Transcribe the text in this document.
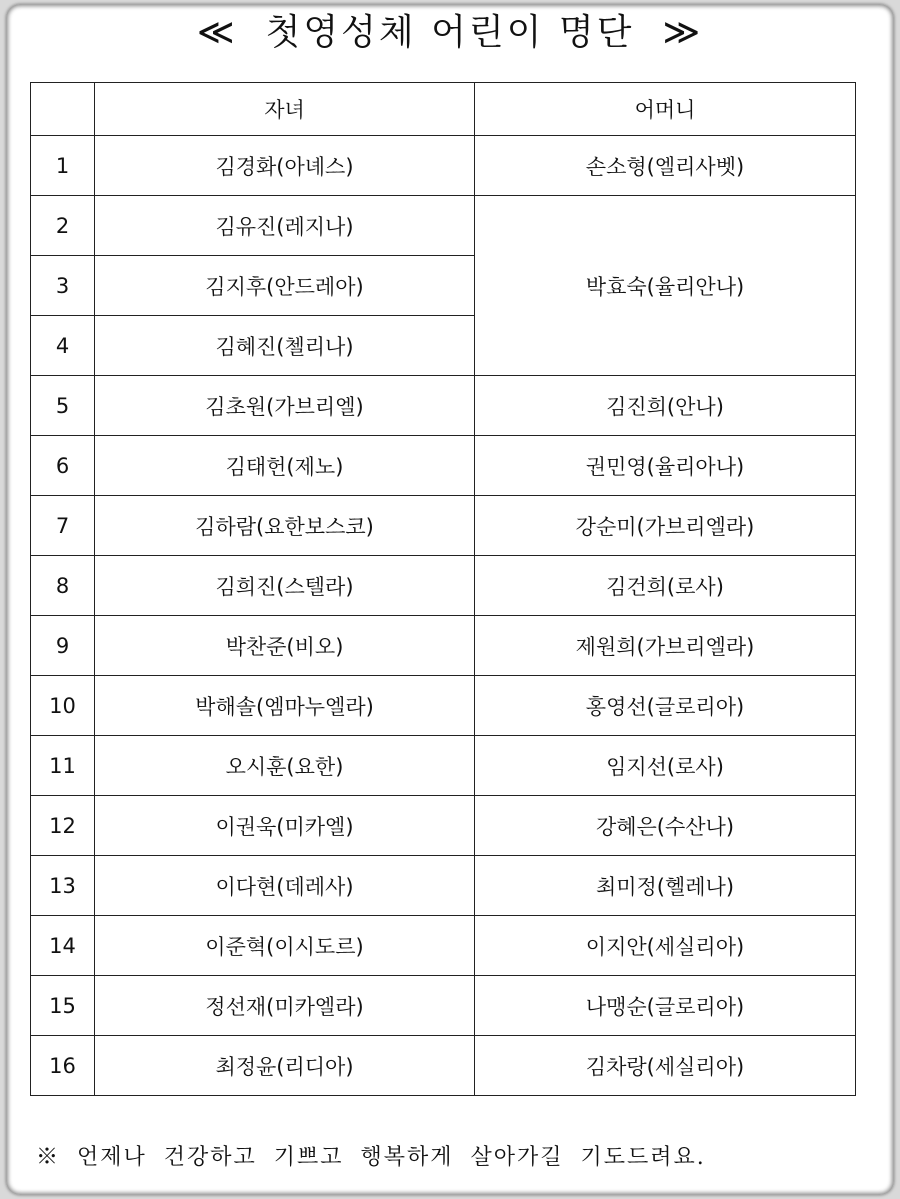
≪ 첫영성체 어린이 명단 ≫
	자녀	어머니
1	김경화(아녜스)	손소형(엘리사벳)
2	김유진(레지나)	박효숙(율리안나)
3	김지후(안드레아)	
4	김혜진(첼리나)	
5	김초원(가브리엘)	김진희(안나)
6	김태헌(제노)	권민영(율리아나)
7	김하람(요한보스코)	강순미(가브리엘라)
8	김희진(스텔라)	김건희(로사)
9	박찬준(비오)	제원희(가브리엘라)
10	박해솔(엠마누엘라)	홍영선(글로리아)
11	오시훈(요한)	임지선(로사)
12	이권욱(미카엘)	강혜은(수산나)
13	이다현(데레사)	최미정(헬레나)
14	이준혁(이시도르)	이지안(세실리아)
15	정선재(미카엘라)	나맹순(글로리아)
16	최정윤(리디아)	김차랑(세실리아)
※ 언제나 건강하고 기쁘고 행복하게 살아가길 기도드려요.
